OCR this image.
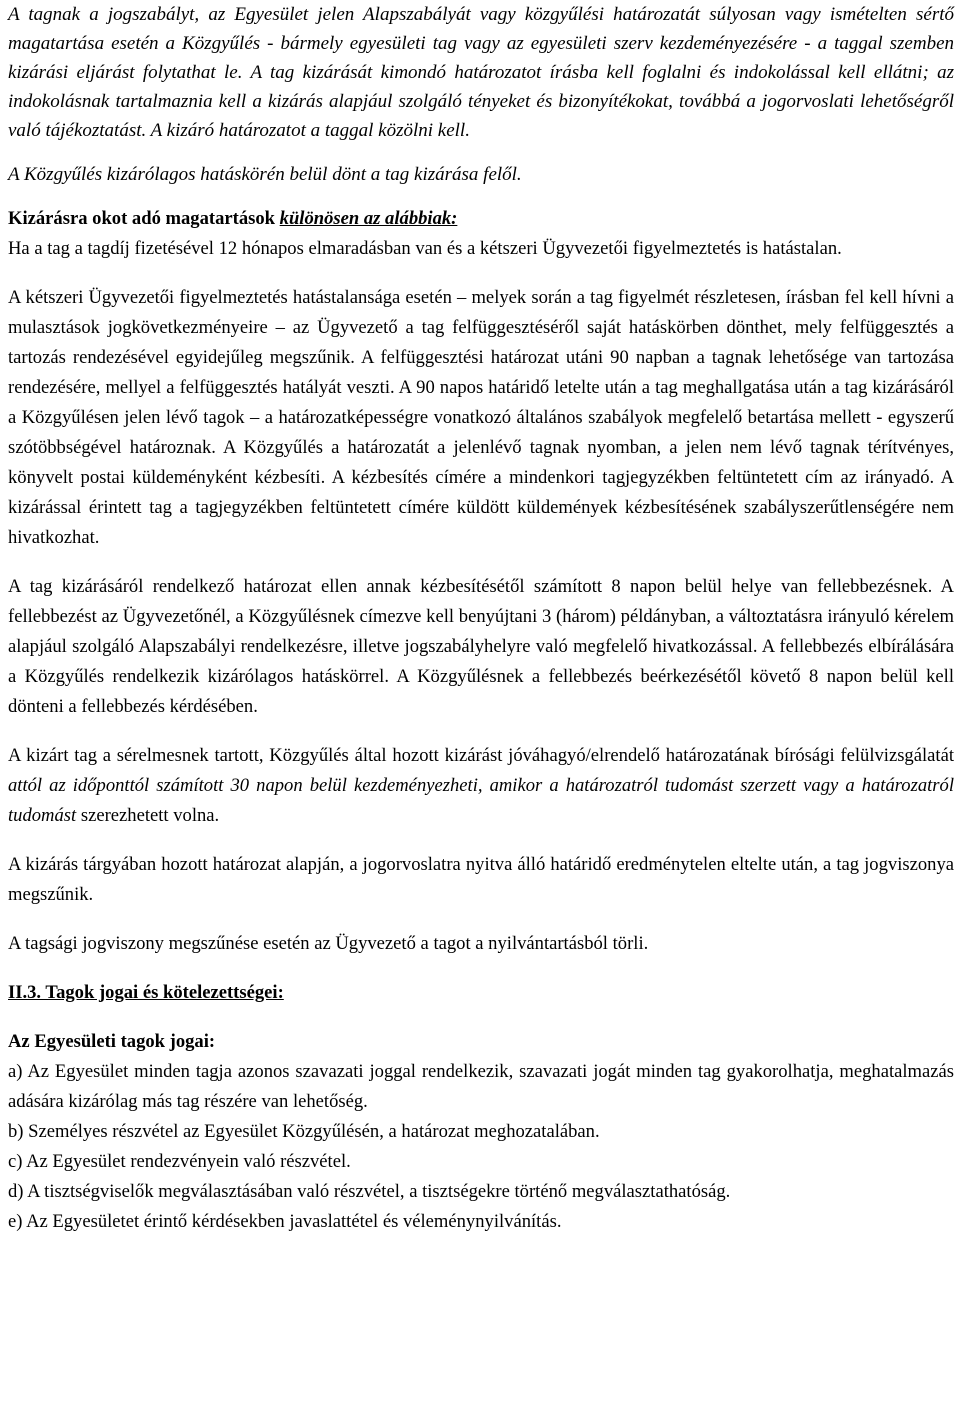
A tagnak a jogszabályt, az Egyesület jelen Alapszabályát vagy közgyűlési határozatát súlyosan vagy ismételten sértő magatartása esetén a Közgyűlés - bármely egyesületi tag vagy az egyesületi szerv kezdeményezésére - a taggal szemben kizárási eljárást folytathat le. A tag kizárását kimondó határozatot írásba kell foglalni és indokolással kell ellátni; az indokolásnak tartalmaznia kell a kizárás alapjául szolgáló tényeket és bizonyítékokat, továbbá a jogorvoslati lehetőségről való tájékoztatást. A kizáró határozatot a taggal közölni kell.

A Közgyűlés kizárólagos hatáskörén belül dönt a tag kizárása felől.

Kizárásra okot adó magatartások különösen az alábbiak:
Ha a tag a tagdíj fizetésével 12 hónapos elmaradásban van és a kétszeri Ügyvezetői figyelmeztetés is hatástalan.

A kétszeri Ügyvezetői figyelmeztetés hatástalansága esetén – melyek során a tag figyelmét részletesen, írásban fel kell hívni a mulasztások jogkövetkezményeire – az Ügyvezető a tag felfüggesztéséről saját hatáskörben dönthet, mely felfüggesztés a tartozás rendezésével egyidejűleg megszűnik. A felfüggesztési határozat utáni 90 napban a tagnak lehetősége van tartozása rendezésére, mellyel a felfüggesztés hatályát veszti. A 90 napos határidő letelte után a tag meghallgatása után a tag kizárásáról a Közgyűlésen jelen lévő tagok – a határozatképességre vonatkozó általános szabályok megfelelő betartása mellett - egyszerű szótöbbségével határoznak. A Közgyűlés a határozatát a jelenlévő tagnak nyomban, a jelen nem lévő tagnak térítvényes, könyvelt postai küldeményként kézbesíti. A kézbesítés címére a mindenkori tagjegyzékben feltüntetett cím az irányadó. A kizárással érintett tag a tagjegyzékben feltüntetett címére küldött küldemények kézbesítésének szabályszerűtlenségére nem hivatkozhat.

A tag kizárásáról rendelkező határozat ellen annak kézbesítésétől számított 8 napon belül helye van fellebbezésnek. A fellebbezést az Ügyvezetőnél, a Közgyűlésnek címezve kell benyújtani 3 (három) példányban, a változtatásra irányuló kérelem alapjául szolgáló Alapszabályi rendelkezésre, illetve jogszabályhelyre való megfelelő hivatkozással. A fellebbezés elbírálására a Közgyűlés rendelkezik kizárólagos hatáskörrel. A Közgyűlésnek a fellebbezés beérkezésétől követő 8 napon belül kell dönteni a fellebbezés kérdésében.

A kizárt tag a sérelmesnek tartott, Közgyűlés által hozott kizárást jóváhagyó/elrendelő határozatának bírósági felülvizsgálatát attól az időponttól számított 30 napon belül kezdeményezheti, amikor a határozatról tudomást szerzett vagy a határozatról tudomást szerezhetett volna.

A kizárás tárgyában hozott határozat alapján, a jogorvoslatra nyitva álló határidő eredménytelen eltelte után, a tag jogviszonya megszűnik.

A tagsági jogviszony megszűnése esetén az Ügyvezető a tagot a nyilvántartásból törli.

II.3. Tagok jogai és kötelezettségei:

Az Egyesületi tagok jogai:

a) Az Egyesület minden tagja azonos szavazati joggal rendelkezik, szavazati jogát minden tag gyakorolhatja, meghatalmazás adására kizárólag más tag részére van lehetőség.

b) Személyes részvétel az Egyesület Közgyűlésén, a határozat meghozatalában.

c) Az Egyesület rendezvényein való részvétel.

d) A tisztségviselők megválasztásában való részvétel, a tisztségekre történő megválasztathatóság.

e) Az Egyesületet érintő kérdésekben javaslattétel és véleménynyilvánítás.
